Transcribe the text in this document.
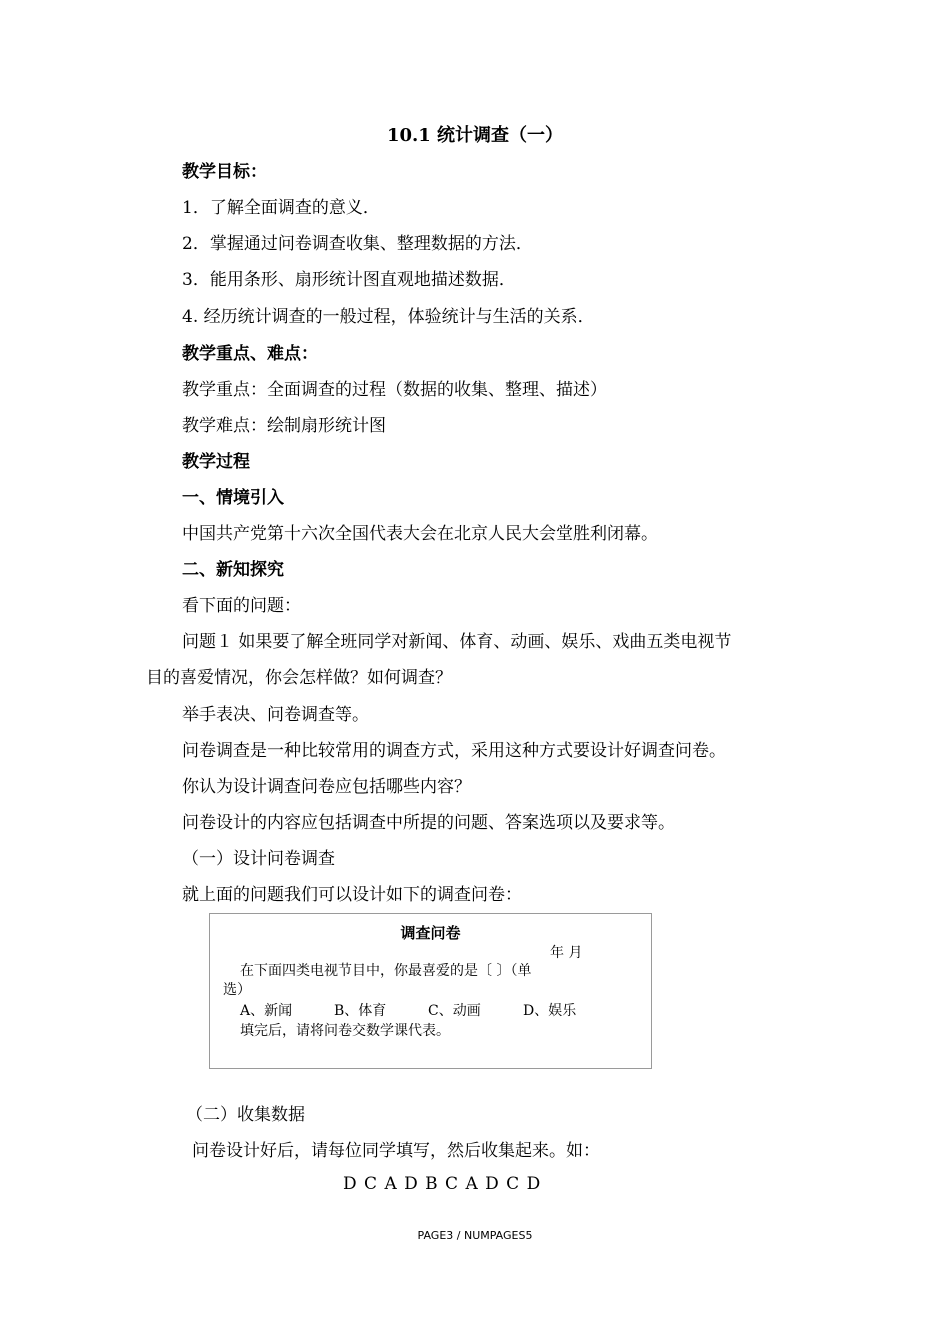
10.1 统计调查（一）
教学目标：
1．了解全面调查的意义．
2．掌握通过问卷调查收集、整理数据的方法．
3．能用条形、扇形统计图直观地描述数据．
4. 经历统计调查的一般过程，体验统计与生活的关系．
教学重点、难点：
教学重点：全面调查的过程（数据的收集、整理、描述）
教学难点：绘制扇形统计图
教学过程
一、情境引入
中国共产党第十六次全国代表大会在北京人民大会堂胜利闭幕。
二、新知探究
看下面的问题：
问题１ 如果要了解全班同学对新闻、体育、动画、娱乐、戏曲五类电视节
目的喜爱情况，你会怎样做？如何调查？
举手表决、问卷调查等。
问卷调查是一种比较常用的调查方式，采用这种方式要设计好调查问卷。
你认为设计调查问卷应包括哪些内容？
问卷设计的内容应包括调查中所提的问题、答案选项以及要求等。
（一）设计问卷调查
就上面的问题我们可以设计如下的调查问卷：
调查问卷
年 月
在下面四类电视节目中，你最喜爱的是〔 〕（单
选）
A、新闻	B、体育	C、动画	D、娱乐
填完后，请将问卷交数学课代表。
（二）收集数据
问卷设计好后，请每位同学填写，然后收集起来。如：
D C A D B C A D C D
PAGE3 / NUMPAGES5
